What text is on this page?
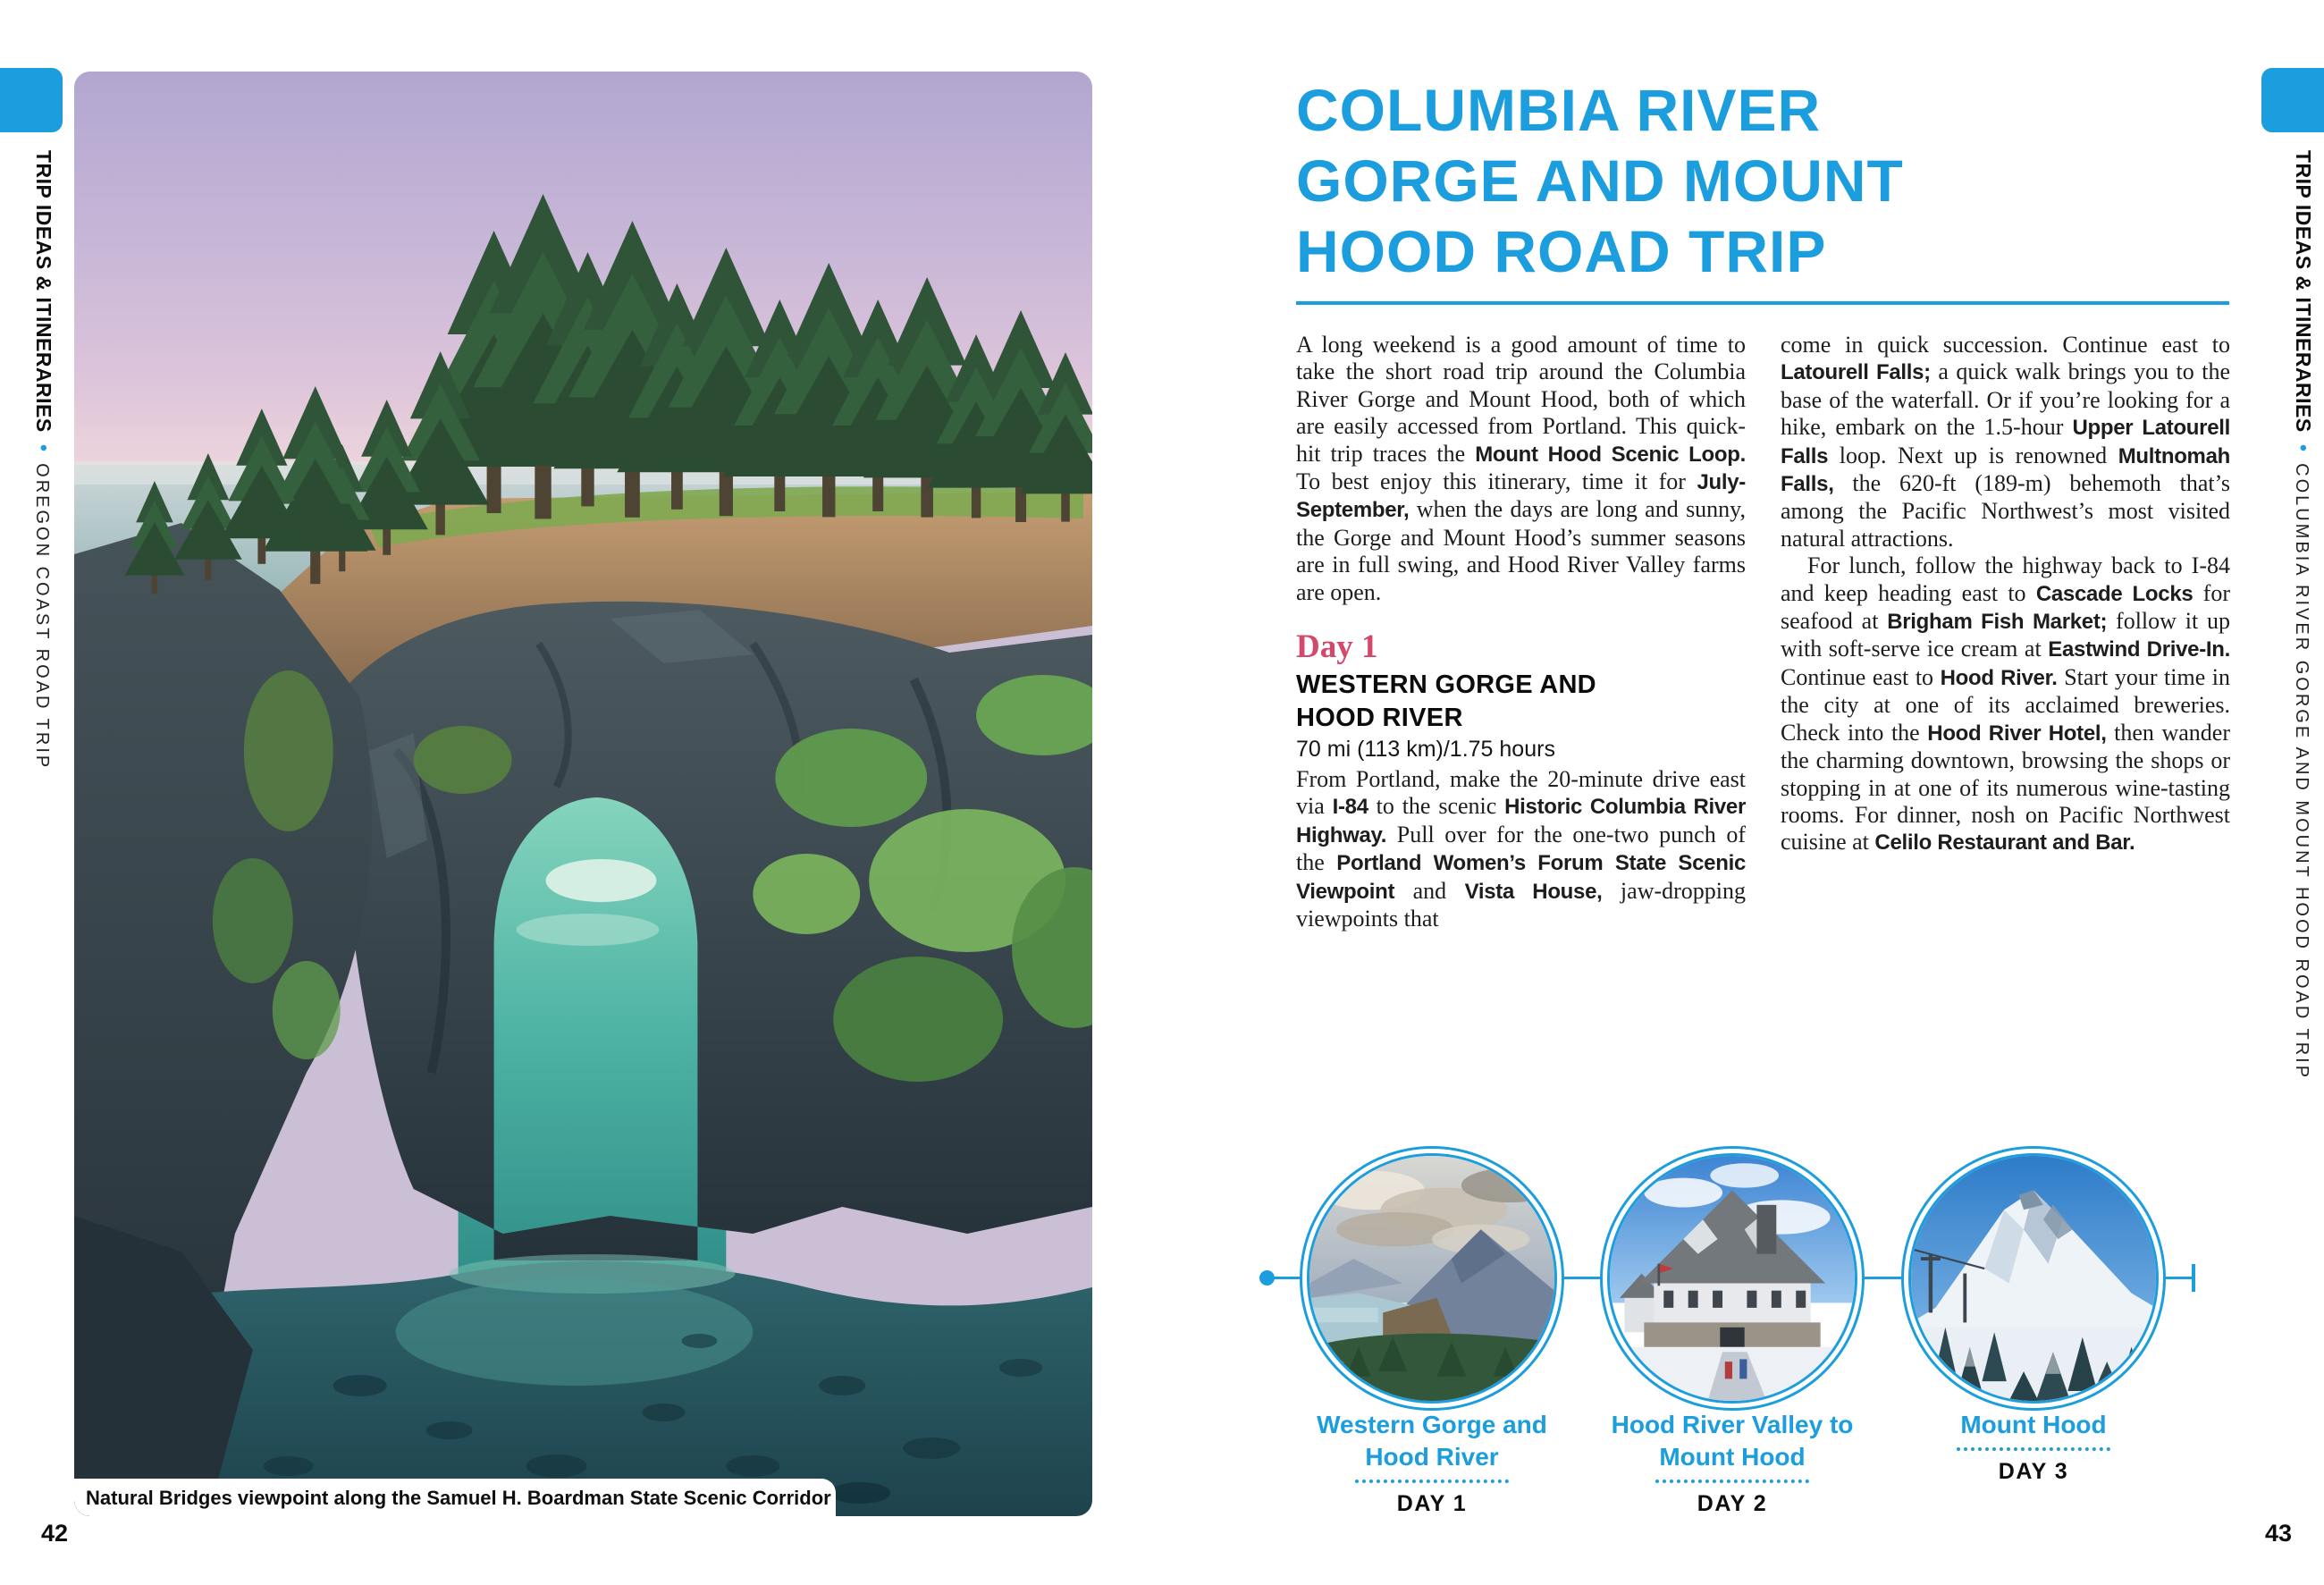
TRIP IDEAS & ITINERARIES•OREGON COAST ROAD TRIP
Natural Bridges viewpoint along the Samuel H. Boardman State Scenic Corridor
42
TRIP IDEAS & ITINERARIES•COLUMBIA RIVER GORGE AND MOUNT HOOD ROAD TRIP
COLUMBIA RIVER
GORGE AND MOUNT
HOOD ROAD TRIP

A long weekend is a good amount of time to take the short road trip around the Columbia River Gorge and Mount Hood, both of which are easily accessed from Portland. This quick-hit trip traces the Mount Hood Scenic Loop. To best enjoy this itinerary, time it for July-September, when the days are long and sunny, the Gorge and Mount Hood’s summer seasons are in full swing, and Hood River Valley farms are open.

Day 1
WESTERN GORGE AND
HOOD RIVER
70 mi (113 km)/1.75 hours

From Portland, make the 20-minute drive east via I-84 to the scenic Historic Columbia River Highway. Pull over for the one-two punch of the Portland Women’s Forum State Scenic Viewpoint and Vista House, jaw-dropping viewpoints that

come in quick succession. Continue east to Latourell Falls; a quick walk brings you to the base of the waterfall. Or if you’re looking for a hike, embark on the 1.5-hour Upper Latourell Falls loop. Next up is renowned Multnomah Falls, the 620-ft (189-m) behemoth that’s among the Pacific Northwest’s most visited natural attractions.

For lunch, follow the highway back to I-84 and keep heading east to Cascade Locks for seafood at Brigham Fish Market; follow it up with soft-serve ice cream at Eastwind Drive-In. Continue east to Hood River. Start your time in the city at one of its acclaimed breweries. Check into the Hood River Hotel, then wander the charming downtown, browsing the shops or stopping in at one of its numerous wine-tasting rooms. For dinner, nosh on Pacific Northwest cuisine at Celilo Restaurant and Bar.

Western Gorge and
Hood River
DAY 1
Hood River Valley to
Mount Hood
DAY 2
Mount Hood
DAY 3
43
